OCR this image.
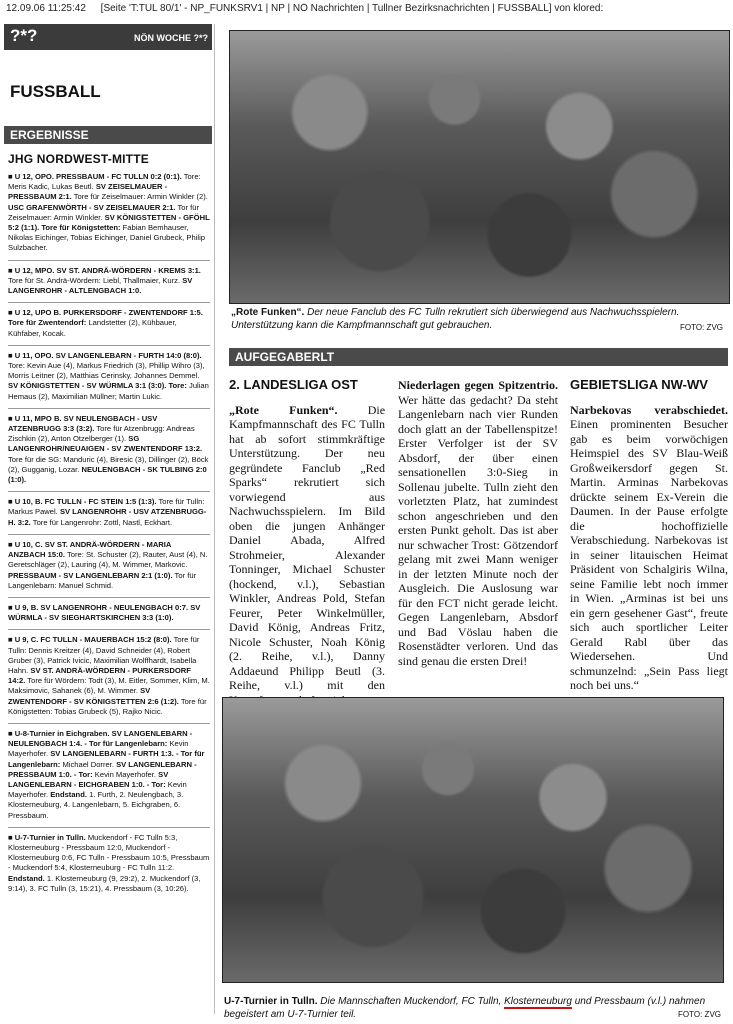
12.09.06 11:25:42 [Seite 'T:TUL 80/1' - NP_FUNKSRV1 | NP | NÖ Nachrichten | Tullner Bezirksnachrichten | FUSSBALL] von klored:
?*?	NÖN WOCHE ?*?
FUSSBALL
ERGEBNISSE
JHG NORDWEST-MITTE
■ U 12, OPO. PRESSBAUM - FC TULLN 0:2 (0:1). Tore: Meris Kadic, Lukas Beutl. SV ZEISELMAUER - PRESSBAUM 2:1. Tore für Zeiselmauer: Armin Winkler (2). USC GRAFENWÖRTH - SV ZEISELMAUER 2:1. Tor für Zeiselmauer: Armin Winkler. SV KÖNIGSTETTEN - GFÖHL 5:2 (1:1). Tore für Königstetten: Fabian Bemhauser, Nikolas Eichinger, Tobias Eichinger, Daniel Grubeck, Philip Sulzbacher.
■ U 12, MPO. SV ST. ANDRÄ-WÖRDERN - KREMS 3:1. Tore für St. Andrä-Wördern: Liebl, Thallmaier, Kurz. SV LANGENROHR - ALTLENGBACH 1:0.
■ U 12, UPO B. PURKERSDORF - ZWENTENDORF 1:5. Tore für Zwentendorf: Landstetter (2), Kühbauer, Kühfaber, Kocak.
■ U 11, OPO. SV LANGENLEBARN - FURTH 14:0 (8:0). Tore: Kevin Aue (4), Markus Friedrich (3), Phillip Wihro (3), Morris Leitner (2), Matthias Cerinsky, Johannes Demmel. SV KÖNIGSTETTEN - SV WÜRMLA 3:1 (3:0). Tore: Julian Hemaus (2), Maximilian Müllner; Martin Lukic.
■ U 11, MPO B. SV NEULENGBACH - USV ATZENBRUGG 3:3 (3:2). Tore für Atzenbrugg: Andreas Zischkin (2), Anton Otzelberger (1). SG LANGENROHR/NEUAIGEN - SV ZWENTENDORF 13:2. Tore für die SG: Manduric (4), Biresic (3), Dillinger (2), Böck (2), Gugganig, Lozar. NEULENGBACH - SK TULBING 2:0 (1:0).
■ U 10, B. FC TULLN - FC STEIN 1:5 (1:3). Tore für Tulln: Markus Pawel. SV LANGENROHR - USV ATZENBRUGG-H. 3:2. Tore für Langenrohr: Zottl, Nastl, Eckhart.
■ U 10, C. SV ST. ANDRÄ-WÖRDERN - MARIA ANZBACH 15:0. Tore: St. Schuster (2), Rauter, Aust (4), N. Geretschläger (2), Lauring (4), M. Wimmer, Markovic. PRESSBAUM - SV LANGENLEBARN 2:1 (1:0). Tor für Langenlebarn: Manuel Schmid.
■ U 9, B. SV LANGENROHR - NEULENGBACH 0:7. SV WÜRMLA - SV SIEGHARTSKIRCHEN 3:3 (1:0).
■ U 9, C. FC TULLN - MAUERBACH 15:2 (8:0). Tore für Tulln: Dennis Kreitzer (4), David Schneider (4), Robert Gruber (3), Patrick Ivicic, Maximilian Wolffhardt, Isabella Hahn. SV ST. ANDRÄ-WÖRDERN - PURKERSDORF 14:2. Tore für Wördern: Todt (3), M. Eitler, Sommer, Klim, M. Maksimovic, Sahanek (6), M. Wimmer. SV ZWENTENDORF - SV KÖNIGSTETTEN 2:6 (1:2). Tore für Königstetten: Tobias Grubeck (5), Rajko Nicic.
■ U-8-Turnier in Eichgraben. SV LANGENLEBARN - NEULENGBACH 1:4. - Tor für Langenlebarn: Kevin Mayerhofer. SV LANGENLEBARN - FURTH 1:3. - Tor für Langenlebarn: Michael Dorrer. SV LANGENLEBARN - PRESSBAUM 1:0. - Tor: Kevin Mayerhofer. SV LANGENLEBARN - EICHGRABEN 1:0. - Tor: Kevin Mayerhofer. Endstand. 1. Furth, 2. Neulengbach, 3. Klosterneuburg, 4. Langenlebarn, 5. Eichgraben, 6. Pressbaum.
■ U-7-Turnier in Tulln. Muckendorf - FC Tulln 5:3, Klosterneuburg - Pressbaum 12:0, Muckendorf - Klosterneuburg 0:6, FC Tulln - Pressbaum 10:5, Pressbaum - Muckendorf 5:4, Klosterneuburg - FC Tulln 11:2. Endstand. 1. Klosterneuburg (9, 29:2), 2. Muckendorf (3, 9:14), 3. FC Tulln (3, 15:21), 4. Pressbaum (3, 10:26).
„Rote Funken“. Der neue Fanclub des FC Tulln rekrutiert sich überwiegend aus Nachwuchsspielern. Unterstützung kann die Kampfmannschaft gut gebrauchen.	FOTO: ZVG
AUFGEGABERLT
2. LANDESLIGA OST

„Rote Funken“.	Die Kampfmannschaft des FC Tulln hat ab sofort stimmkräftige Unterstützung. Der neu gegründete Fanclub „Red Sparks“ rekrutiert sich vorwiegend aus Nachwuchsspielern. Im Bild oben die jungen Anhänger Daniel Abada, Alfred Strohmeier, Alexander Tonninger, Michael Schuster (hockend, v.l.), Sebastian Winkler, Andreas Pold, Stefan Feurer, Peter Winkelmüller, David König, Andreas Fritz, Nicole Schuster, Noah König (2. Reihe, v.l.), Danny Addaeund Philipp Beutl (3. Reihe, v.l.) mit den

Niederlagen gegen Spitzentrio. Wer hätte das gedacht? Da steht Langenlebarn nach vier Runden doch glatt an der Tabellenspitze! Erster Verfolger ist der SV Absdorf, der über einen sensationellen 3:0-Sieg in Sollenau jubelte. Tulln zieht den vorletzten Platz, hat zumindest schon angeschrieben und den ersten Punkt geholt. Das ist aber nur schwacher Trost: Götzendorf gelang mit zwei Mann weniger in der letzten Minute noch der Ausgleich. Die Auslosung war für den FCT nicht gerade leicht. Gegen Langenlebarn, Absdorf und Bad Vöslau haben die Rosenstädter verloren. Und das sind genau die ersten Drei!

GEBIETSLIGA NW-WV

Narbekovas verabschiedet. Einen prominenten Besucher gab es beim vorwöchigen Heimspiel des SV Blau-Weiß Großweikersdorf gegen St. Martin. Arminas Narbekovas drückte seinem Ex-Verein die Daumen. In der Pause erfolgte die hochoffizielle Verabschiedung. Narbekovas ist in seiner litauischen Heimat Präsident von Schalgiris Wilna, seine Familie lebt noch immer in Wien. „Arminas ist bei uns ein gern gesehener Gast“, freute sich auch sportlicher Leiter Gerald Rabl über das Wiedersehen. Und schmunzelnd: „Sein Pass liegt noch bei uns.“

U-7-Turnier in Tulln. Die Mannschaften Muckendorf, FC Tulln, Klosterneuburg und Pressbaum (v.l.) nahmen begeistert am U-7-Turnier teil.	FOTO: ZVG
